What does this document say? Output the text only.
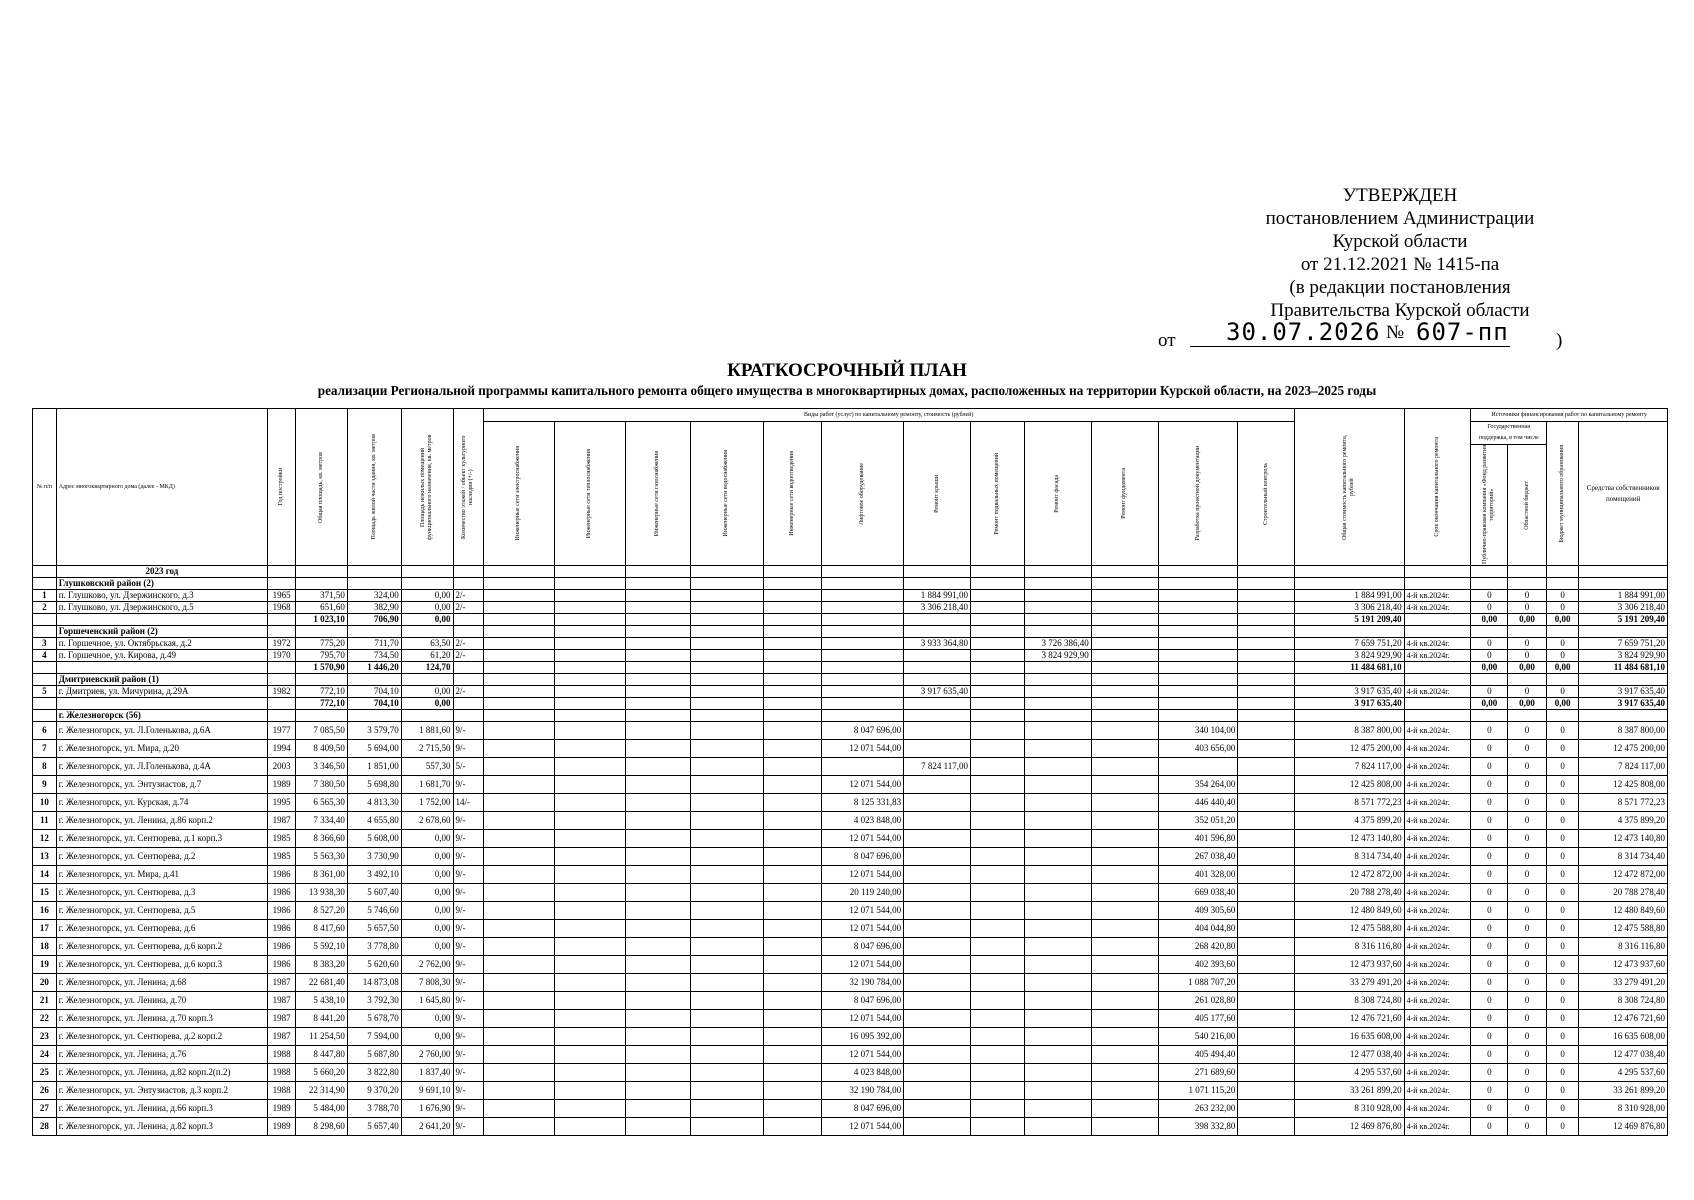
УТВЕРЖДЕН
постановлением Администрации
Курской области
от 21.12.2021 № 1415-па
(в редакции постановления
Правительства Курской области
от 30.07.2026 № 607-пп )
КРАТКОСРОЧНЫЙ ПЛАН
реализации Региональной программы капитального ремонта общего имущества в многоквартирных домах, расположенных на территории Курской области, на 2023–2025 годы
№ п/п	Адрес многоквартирного дома (далее - МКД)	Год постройки	Общая площадь, кв. метров	Площадь жилой части здания, кв. метров	Площадь нежилых помещений функционального назначения, кв. метров	Количество этажей / объект культурного наследия (+/-)	Виды работ (услуг) по капитальному ремонту, стоимость (рублей)												Общая стоимость капитального ремонта, рублей	Срок окончания капитального ремонта	Источники финансирования работ по капитальному ремонту			

							Инженерные сети электроснабжения	Инженерные сети теплоснабжения	Инженерные сети газоснабжения	Инженерные сети водоснабжения	Инженерные сети водоотведения	Лифтовое оборудование	Ремонт крыши	Ремонт подвальных помещений	Ремонт фасада	Ремонт фундамента	Разработка проектной документации	Строительный контроль			Государственная поддержка, в том числе		Бюджет муниципального образования	Средства собственников помещений

																					Публично-правовая компания «Фонд развития территорий»	Областной бюджет		

	2023 год																							
	Глушковский район (2)																							
1	п. Глушково, ул. Дзержинского, д.3	1965	371,50	324,00	0,00	2/-							1 884 991,00						1 884 991,00	4-й кв.2024г.	0	0	0	1 884 991,00
2	п. Глушково, ул. Дзержинского, д.5	1968	651,60	382,90	0,00	2/-							3 306 218,40						3 306 218,40	4-й кв.2024г.	0	0	0	3 306 218,40
			1 023,10	706,90	0,00														5 191 209,40		0,00	0,00	0,00	5 191 209,40
	Горшеченский район (2)																							
3	п. Горшечное, ул. Октябрьская, д.2	1972	775,20	711,70	63,50	2/-							3 933 364,80		3 726 386,40				7 659 751,20	4-й кв.2024г.	0	0	0	7 659 751,20
4	п. Горшечное, ул. Кирова, д.49	1970	795,70	734,50	61,20	2/-									3 824 929,90				3 824 929,90	4-й кв.2024г.	0	0	0	3 824 929,90
			1 570,90	1 446,20	124,70														11 484 681,10		0,00	0,00	0,00	11 484 681,10
	Дмитриевский район (1)																							
5	г. Дмитриев, ул. Мичурина, д.29А	1982	772,10	704,10	0,00	2/-							3 917 635,40						3 917 635,40	4-й кв.2024г.	0	0	0	3 917 635,40
			772,10	704,10	0,00														3 917 635,40		0,00	0,00	0,00	3 917 635,40
	г. Железногорск (56)																							
6	г. Железногорск, ул. Л.Голенькова, д.6А	1977	7 085,50	3 579,70	1 881,60	9/-						8 047 696,00					340 104,00		8 387 800,00	4-й кв.2024г.	0	0	0	8 387 800,00
7	г. Железногорск, ул. Мира, д.20	1994	8 409,50	5 694,00	2 715,50	9/-						12 071 544,00					403 656,00		12 475 200,00	4-й кв.2024г.	0	0	0	12 475 200,00
8	г. Железногорск, ул. Л.Голенькова, д.4А	2003	3 346,50	1 851,00	557,30	5/-							7 824 117,00						7 824 117,00	4-й кв.2024г.	0	0	0	7 824 117,00
9	г. Железногорск, ул. Энтузиастов, д.7	1989	7 380,50	5 698,80	1 681,70	9/-						12 071 544,00					354 264,00		12 425 808,00	4-й кв.2024г.	0	0	0	12 425 808,00
10	г. Железногорск, ул. Курская, д.74	1995	6 565,30	4 813,30	1 752,00	14/-						8 125 331,83					446 440,40		8 571 772,23	4-й кв.2024г.	0	0	0	8 571 772,23
11	г. Железногорск, ул. Ленина, д.86 корп.2	1987	7 334,40	4 655,80	2 678,60	9/-						4 023 848,00					352 051,20		4 375 899,20	4-й кв.2024г.	0	0	0	4 375 899,20
12	г. Железногорск, ул. Сентюрева, д.1 корп.3	1985	8 366,60	5 608,00	0,00	9/-						12 071 544,00					401 596,80		12 473 140,80	4-й кв.2024г.	0	0	0	12 473 140,80
13	г. Железногорск, ул. Сентюрева, д.2	1985	5 563,30	3 730,90	0,00	9/-						8 047 696,00					267 038,40		8 314 734,40	4-й кв.2024г.	0	0	0	8 314 734,40
14	г. Железногорск, ул. Мира, д.41	1986	8 361,00	3 492,10	0,00	9/-						12 071 544,00					401 328,00		12 472 872,00	4-й кв.2024г.	0	0	0	12 472 872,00
15	г. Железногорск, ул. Сентюрева, д.3	1986	13 938,30	5 607,40	0,00	9/-						20 119 240,00					669 038,40		20 788 278,40	4-й кв.2024г.	0	0	0	20 788 278,40
16	г. Железногорск, ул. Сентюрева, д.5	1986	8 527,20	5 746,60	0,00	9/-						12 071 544,00					409 305,60		12 480 849,60	4-й кв.2024г.	0	0	0	12 480 849,60
17	г. Железногорск, ул. Сентюрева, д.6	1986	8 417,60	5 657,50	0,00	9/-						12 071 544,00					404 044,80		12 475 588,80	4-й кв.2024г.	0	0	0	12 475 588,80
18	г. Железногорск, ул. Сентюрева, д.6 корп.2	1986	5 592,10	3 778,80	0,00	9/-						8 047 696,00					268 420,80		8 316 116,80	4-й кв.2024г.	0	0	0	8 316 116,80
19	г. Железногорск, ул. Сентюрева, д.6 корп.3	1986	8 383,20	5 620,60	2 762,00	9/-						12 071 544,00					402 393,60		12 473 937,60	4-й кв.2024г.	0	0	0	12 473 937,60
20	г. Железногорск, ул. Ленина, д.68	1987	22 681,40	14 873,08	7 808,30	9/-						32 190 784,00					1 088 707,20		33 279 491,20	4-й кв.2024г.	0	0	0	33 279 491,20
21	г. Железногорск, ул. Ленина, д.70	1987	5 438,10	3 792,30	1 645,80	9/-						8 047 696,00					261 028,80		8 308 724,80	4-й кв.2024г.	0	0	0	8 308 724,80
22	г. Железногорск, ул. Ленина, д.70 корп.3	1987	8 441,20	5 678,70	0,00	9/-						12 071 544,00					405 177,60		12 476 721,60	4-й кв.2024г.	0	0	0	12 476 721,60
23	г. Железногорск, ул. Сентюрева, д.2 корп.2	1987	11 254,50	7 594,00	0,00	9/-						16 095 392,00					540 216,00		16 635 608,00	4-й кв.2024г.	0	0	0	16 635 608,00
24	г. Железногорск, ул. Ленина, д.76	1988	8 447,80	5 687,80	2 760,00	9/-						12 071 544,00					405 494,40		12 477 038,40	4-й кв.2024г.	0	0	0	12 477 038,40
25	г. Железногорск, ул. Ленина, д.82 корп.2(п.2)	1988	5 660,20	3 822,80	1 837,40	9/-						4 023 848,00					271 689,60		4 295 537,60	4-й кв.2024г.	0	0	0	4 295 537,60
26	г. Железногорск, ул. Энтузиастов, д.3 корп.2	1988	22 314,90	9 370,20	9 691,10	9/-						32 190 784,00					1 071 115,20		33 261 899,20	4-й кв.2024г.	0	0	0	33 261 899,20
27	г. Железногорск, ул. Ленина, д.66 корп.3	1989	5 484,00	3 788,70	1 676,90	9/-						8 047 696,00					263 232,00		8 310 928,00	4-й кв.2024г.	0	0	0	8 310 928,00
28	г. Железногорск, ул. Ленина, д.82 корп.3	1989	8 298,60	5 657,40	2 641,20	9/-						12 071 544,00					398 332,80		12 469 876,80	4-й кв.2024г.	0	0	0	12 469 876,80
